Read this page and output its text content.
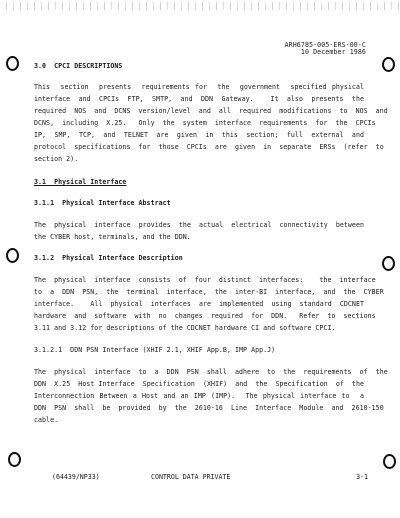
ARH6785-005-ERS-00-C
10 December 1986
3.0  CPCI DESCRIPTIONS
This  section  presents  requirements for  the  government  specified physical
interface  and  CPCIs  FTP,  SMTP,  and  DDN  Gateway.    It  also  presents  the
required  NOS  and  DCNS  version/level  and  all  required  modifications  to  NOS  and
DCNS,  including  X.25.   Only  the  system  interface  requirements  for  the  CPCIs
IP,  SMP,  TCP,  and  TELNET  are  given  in  this  section;  full  external  and
protocol  specifications  for  those  CPCIs  are  given  in  separate  ERSs  (refer  to
section 2).
3.1  Physical Interface
3.1.1  Physical Interface Abstract
The  physical  interface  provides  the  actual  electrical  connectivity  between
the CYBER host, terminals, and the DDN.
3.1.2  Physical Interface Description
The  physical  interface  consists  of  four  distinct  interfaces:    the  interface
to  a  DDN  PSN,  the  terminal  interface,  the  inter-BI  interface,  and  the  CYBER
interface.    All  physical  interfaces  are  implemented  using  standard  CDCNET
hardware  and  software  with  no  changes  required  for  DDN.   Refer  to  sections
3.11 and 3.12 for descriptions of the CDCNET hardware CI and software CPCI.
3.1.2.1  DDN PSN Interface (XHIF 2.1, XHIF App.B, IMP App.J)
The  physical  interface  to  a  DDN  PSN  shall  adhere  to  the  requirements  of  the
DDN  X.25  Host Interface  Specification  (XHIF)  and  the  Specification  of  the
Interconnection Between a Host and an IMP (IMP).  The physical interface to  a
DDN  PSN  shall  be  provided  by  the  2610-16  Line  Interface  Module  and  2610-150
cable.
(64439/NP33)	CONTROL DATA PRIVATE	3-1
